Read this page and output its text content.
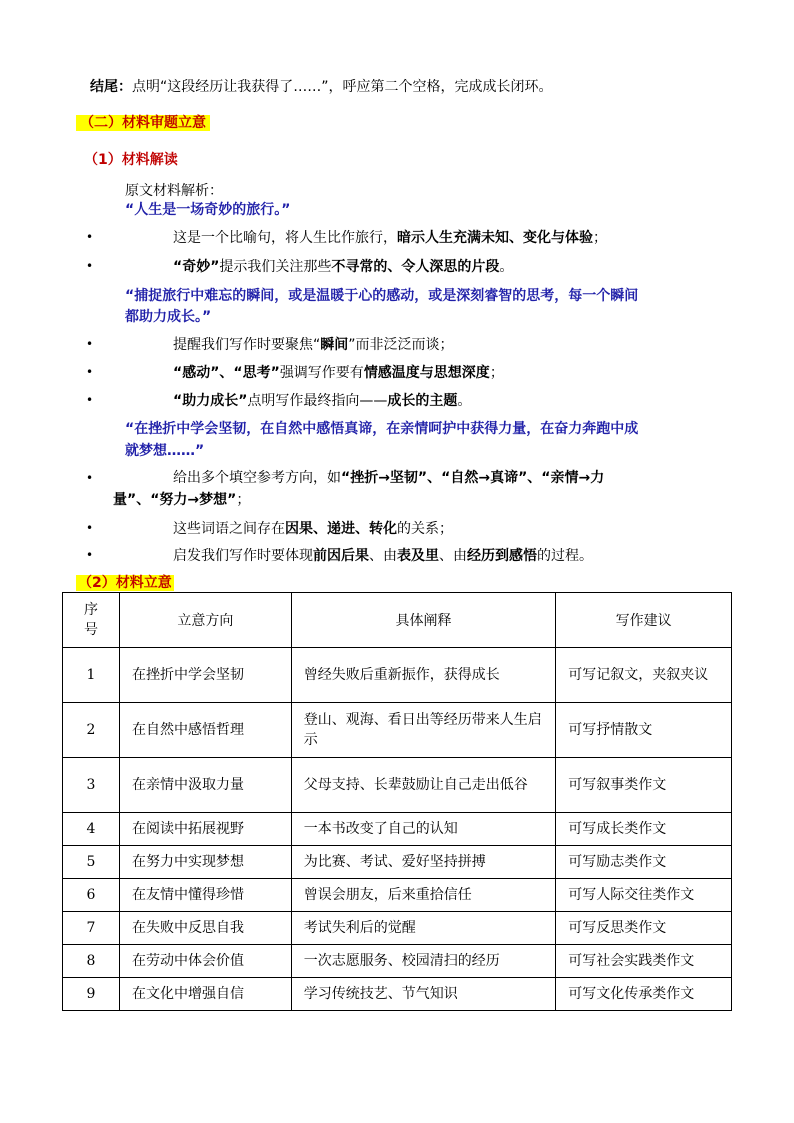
结尾：点明“这段经历让我获得了……”，呼应第二个空格，完成成长闭环。
（二）材料审题立意
（1）材料解读
原文材料解析：
“人生是一场奇妙的旅行。”
•	这是一个比喻句，将人生比作旅行，暗示人生充满未知、变化与体验；
•	“奇妙”提示我们关注那些不寻常的、令人深思的片段。
“捕捉旅行中难忘的瞬间，或是温暖于心的感动，或是深刻睿智的思考，每一个瞬间
都助力成长。”
•	提醒我们写作时要聚焦“瞬间”而非泛泛而谈；
•	“感动”、“思考”强调写作要有情感温度与思想深度；
•	“助力成长”点明写作最终指向——成长的主题。
“在挫折中学会坚韧，在自然中感悟真谛，在亲情呵护中获得力量，在奋力奔跑中成
就梦想……”
•	给出多个填空参考方向，如“挫折→坚韧”、“自然→真谛”、“亲情→力
量”、“努力→梦想”；
•	这些词语之间存在因果、递进、转化的关系；
•	启发我们写作时要体现前因后果、由表及里、由经历到感悟的过程。
（2）材料立意
序号	立意方向	具体阐释	写作建议
1	在挫折中学会坚韧	曾经失败后重新振作，获得成长	可写记叙文，夹叙夹议
2	在自然中感悟哲理	登山、观海、看日出等经历带来人生启示	可写抒情散文
3	在亲情中汲取力量	父母支持、长辈鼓励让自己走出低谷	可写叙事类作文
4	在阅读中拓展视野	一本书改变了自己的认知	可写成长类作文
5	在努力中实现梦想	为比赛、考试、爱好坚持拼搏	可写励志类作文
6	在友情中懂得珍惜	曾误会朋友，后来重拾信任	可写人际交往类作文
7	在失败中反思自我	考试失利后的觉醒	可写反思类作文
8	在劳动中体会价值	一次志愿服务、校园清扫的经历	可写社会实践类作文
9	在文化中增强自信	学习传统技艺、节气知识	可写文化传承类作文
